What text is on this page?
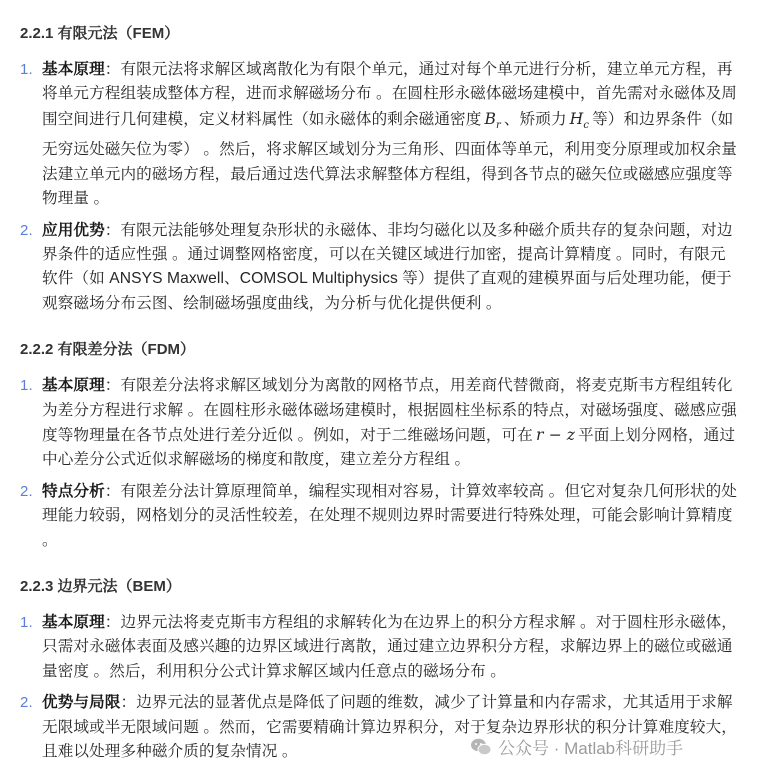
2.2.1 有限元法（FEM）
1. 基本原理：有限元法将求解区域离散化为有限个单元，通过对每个单元进行分析，建立单元方程，再将单元方程组装成整体方程，进而求解磁场分布 。在圆柱形永磁体磁场建模中，首先需对永磁体及周围空间进行几何建模，定义材料属性（如永磁体的剩余磁通密度 $B_r$ 、矫顽力 $H_c$ 等）和边界条件（如无穷远处磁矢位为零） 。然后，将求解区域划分为三角形、四面体等单元，利用变分原理或加权余量法建立单元内的磁场方程，最后通过迭代算法求解整体方程组，得到各节点的磁矢位或磁感应强度等物理量 。
2. 应用优势：有限元法能够处理复杂形状的永磁体、非均匀磁化以及多种磁介质共存的复杂问题，对边界条件的适应性强 。通过调整网格密度，可以在关键区域进行加密，提高计算精度 。同时，有限元软件（如 ANSYS Maxwell、COMSOL Multiphysics 等）提供了直观的建模界面与后处理功能，便于观察磁场分布云图、绘制磁场强度曲线，为分析与优化提供便利 。
2.2.2 有限差分法（FDM）
1. 基本原理：有限差分法将求解区域划分为离散的网格节点，用差商代替微商，将麦克斯韦方程组转化为差分方程进行求解 。在圆柱形永磁体磁场建模时，根据圆柱坐标系的特点，对磁场强度、磁感应强度等物理量在各节点处进行差分近似 。例如，对于二维磁场问题，可在 r − z 平面上划分网格，通过中心差分公式近似求解磁场的梯度和散度，建立差分方程组 。
2. 特点分析：有限差分法计算原理简单，编程实现相对容易，计算效率较高 。但它对复杂几何形状的处理能力较弱，网格划分的灵活性较差，在处理不规则边界时需要进行特殊处理，可能会影响计算精度 。
2.2.3 边界元法（BEM）
1. 基本原理：边界元法将麦克斯韦方程组的求解转化为在边界上的积分方程求解 。对于圆柱形永磁体，只需对永磁体表面及感兴趣的边界区域进行离散，通过建立边界积分方程，求解边界上的磁位或磁通量密度 。然后，利用积分公式计算求解区域内任意点的磁场分布 。
2. 优势与局限：边界元法的显著优点是降低了问题的维数，减少了计算量和内存需求，尤其适用于求解无限域或半无限域问题 。然而，它需要精确计算边界积分，对于复杂边界形状的积分计算难度较大，且难以处理多种磁介质的复杂情况 。	公众号 · Matlab科研助手
